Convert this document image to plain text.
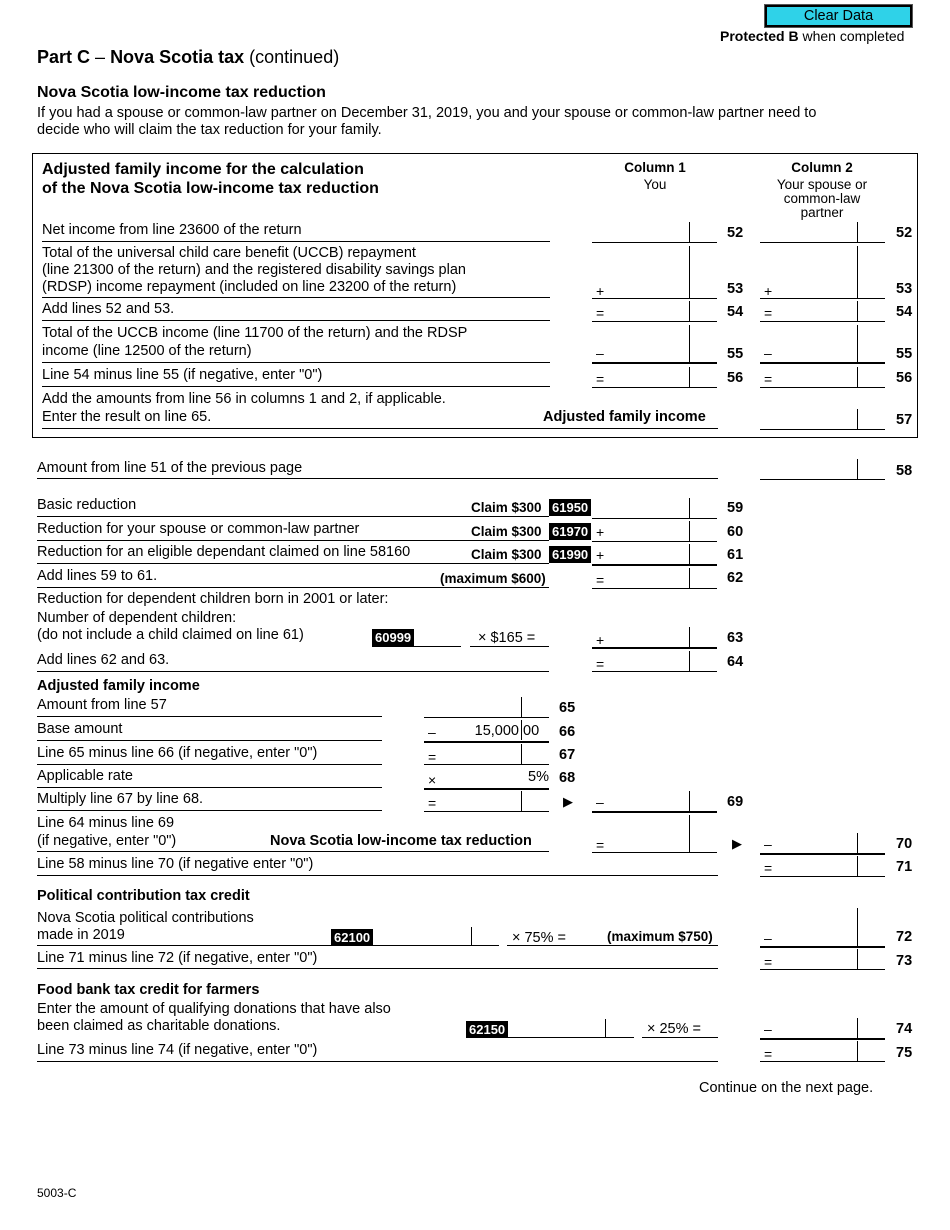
Clear Data
Protected B when completed
Part C – Nova Scotia tax (continued)
Nova Scotia low-income tax reduction
If you had a spouse or common-law partner on December 31, 2019, you and your spouse or common-law partner need to
decide who will claim the tax reduction for your family.
Adjusted family income for the calculation
of the Nova Scotia low-income tax reduction
Column 1
You
Column 2
Your spouse or
common-law
partner
Net income from line 23600 of the return	52	52
Total of the universal child care benefit (UCCB) repayment
(line 21300 of the return) and the registered disability savings plan
(RDSP) income repayment (included on line 23200 of the return)	+	53 +	53
Add lines 52 and 53.	=	54 =	54
Total of the UCCB income (line 11700 of the return) and the RDSP
income (line 12500 of the return)	–	55 –	55
Line 54 minus line 55 (if negative, enter "0")	=	56 =	56
Add the amounts from line 56 in columns 1 and 2, if applicable.
Enter the result on line 65.	Adjusted family income	57
Amount from line 51 of the previous page	58
Basic reduction	Claim $300 61950	59
Reduction for your spouse or common-law partner	Claim $300 61970 +	60
Reduction for an eligible dependant claimed on line 58160	Claim $300 61990 +	61
Add lines 59 to 61.	(maximum $600)	=	62
Reduction for dependent children born in 2001 or later:
Number of dependent children:
(do not include a child claimed on line 61)	60999	× $165 =	+	63
Add lines 62 and 63.	=	64
Adjusted family income
Amount from line 57	65
Base amount	–	15,000 00 66
Line 65 minus line 66 (if negative, enter "0")	=	67
Applicable rate	×	5% 68
Multiply line 67 by line 68.	=	▶ –	69
Line 64 minus line 69
(if negative, enter "0")	Nova Scotia low-income tax reduction	=	▶ –	70
Line 58 minus line 70 (if negative enter "0")	=	71
Political contribution tax credit
Nova Scotia political contributions
made in 2019	62100	× 75% =	(maximum $750)	–	72
Line 71 minus line 72 (if negative, enter "0")	=	73
Food bank tax credit for farmers
Enter the amount of qualifying donations that have also
been claimed as charitable donations.	62150	× 25% =	–	74
Line 73 minus line 74 (if negative, enter "0")	=	75
Continue on the next page.
5003-C
